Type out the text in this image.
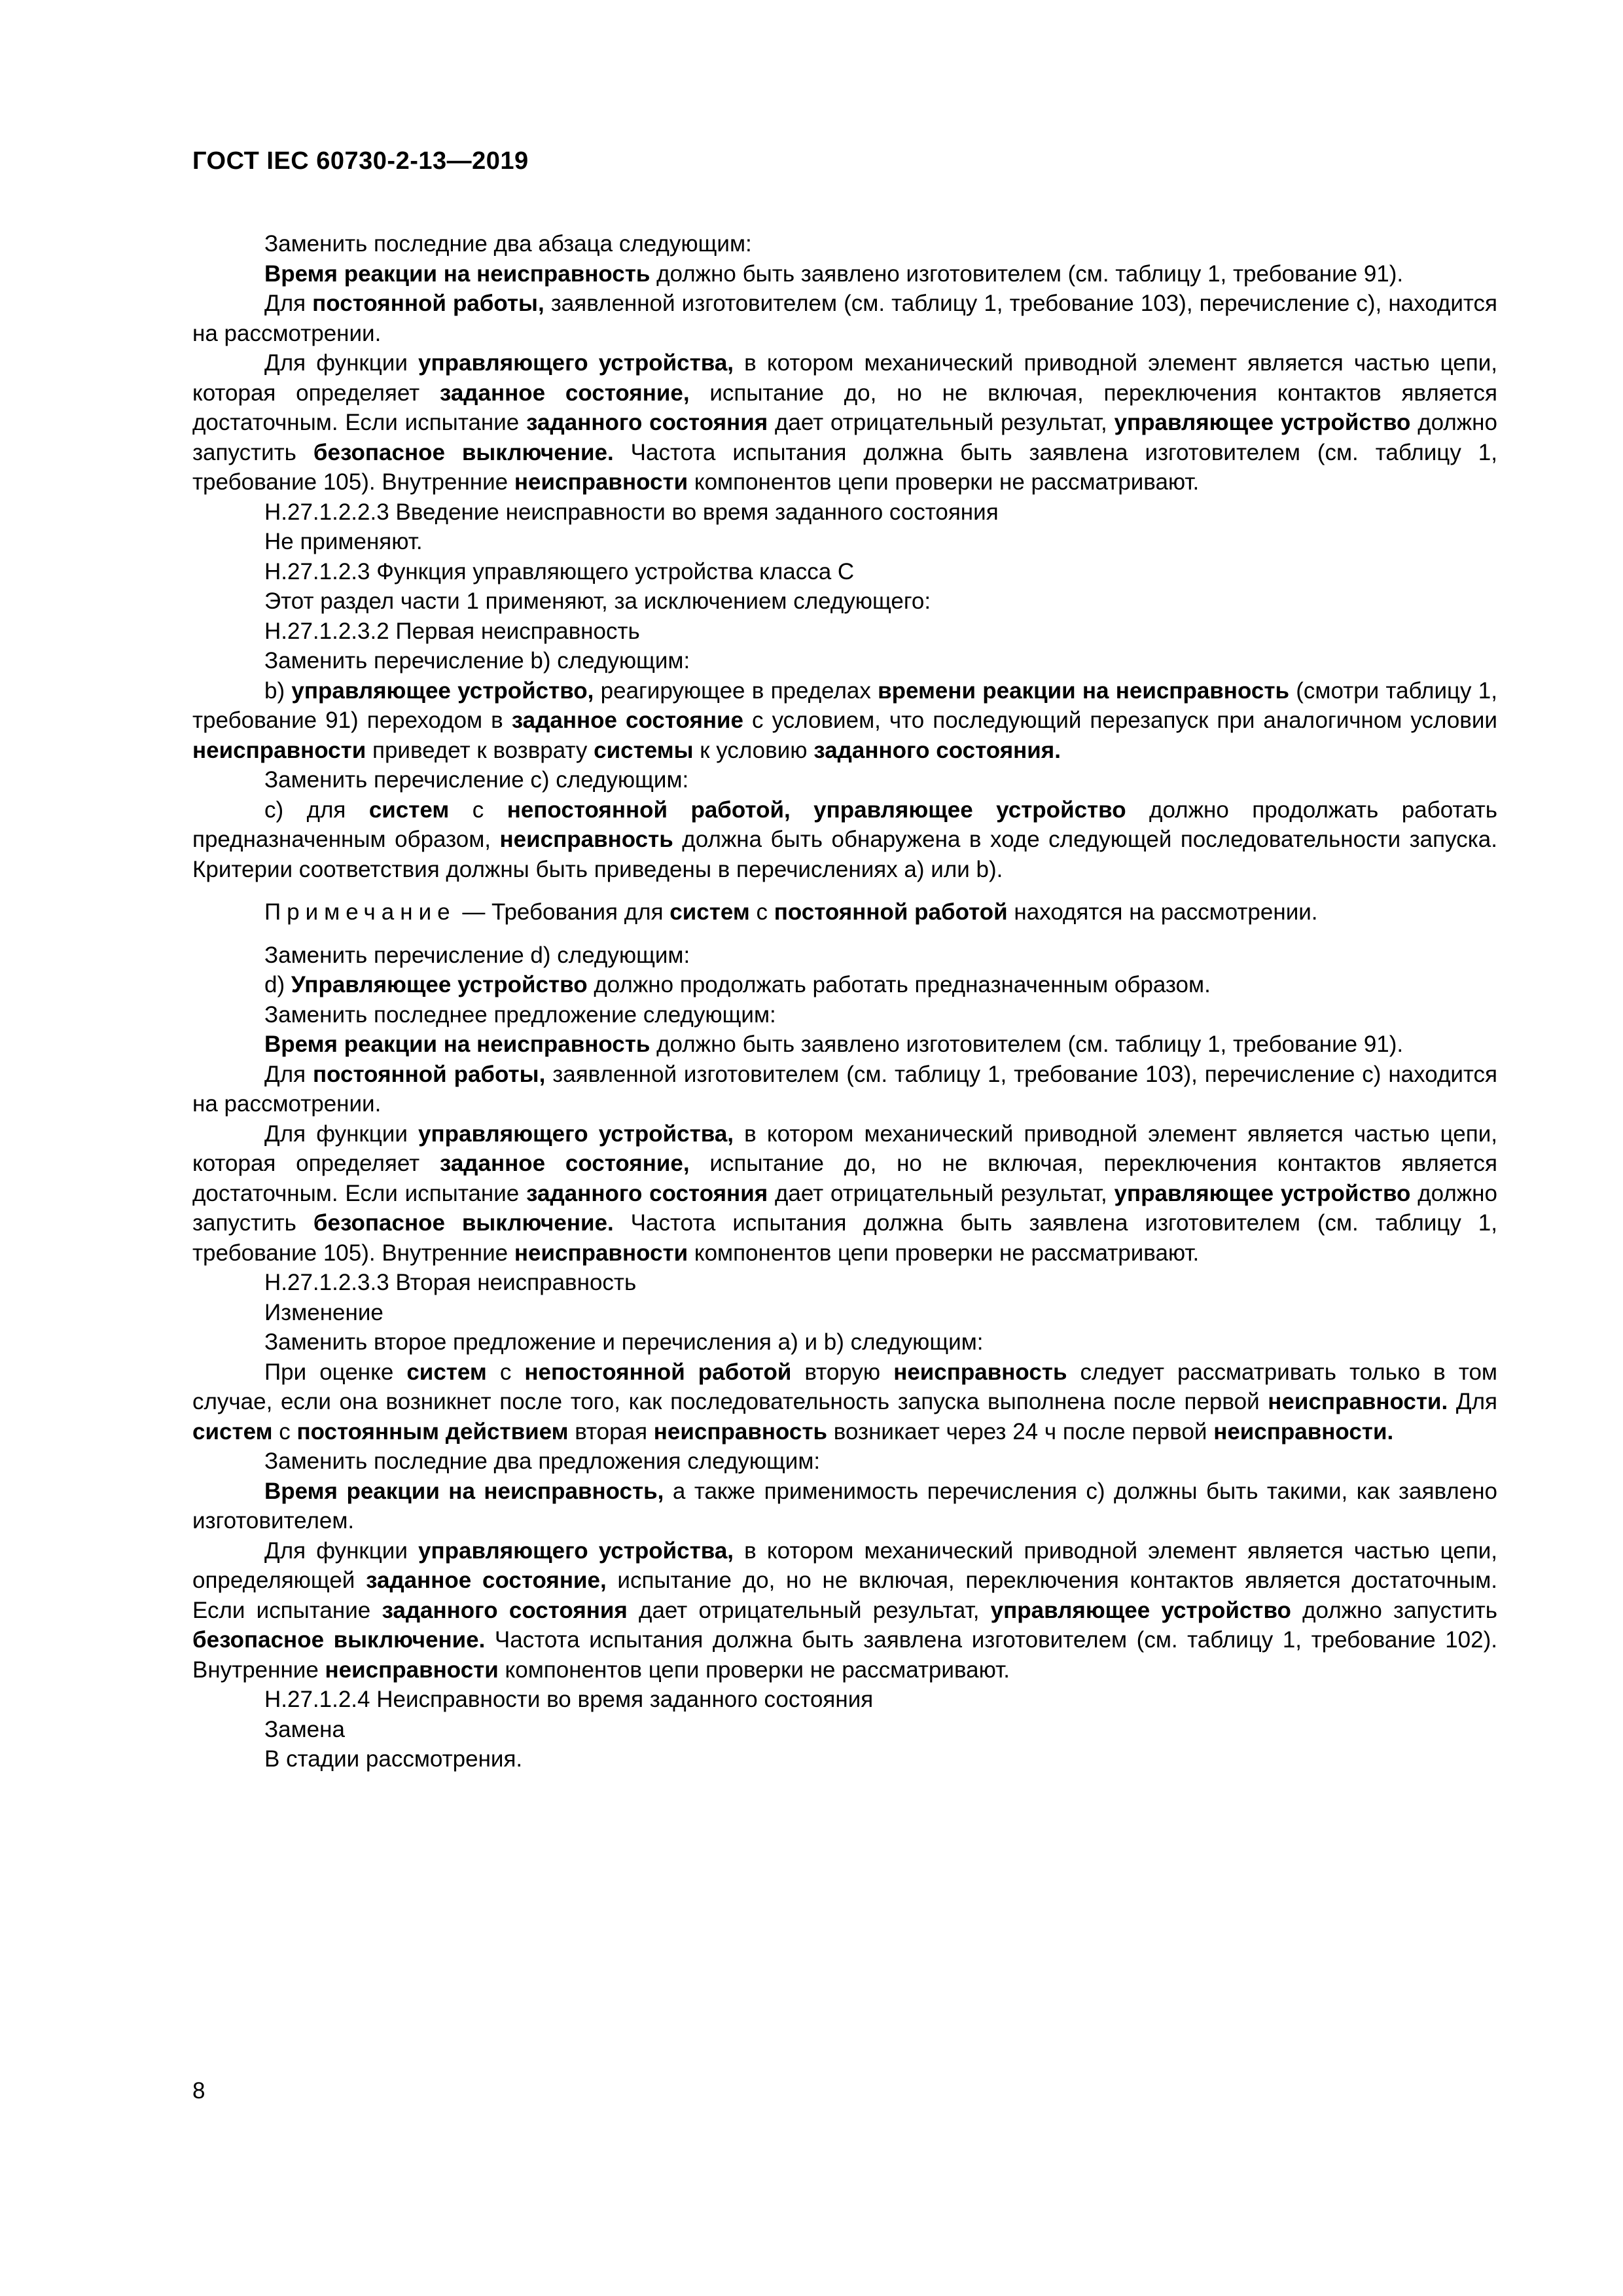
ГОСТ IEC 60730-2-13—2019

Заменить последние два абзаца следующим:

Время реакции на неисправность должно быть заявлено изготовителем (см. таблицу 1, требование 91).

Для постоянной работы, заявленной изготовителем (см. таблицу 1, требование 103), перечисление с), находится на рассмотрении.

Для функции управляющего устройства, в котором механический приводной элемент является частью цепи, которая определяет заданное состояние, испытание до, но не включая, переключения контактов является достаточным. Если испытание заданного состояния дает отрицательный результат, управляющее устройство должно запустить безопасное выключение. Частота испытания должна быть заявлена изготовителем (см. таблицу 1, требование 105). Внутренние неисправности компонентов цепи проверки не рассматривают.

H.27.1.2.2.3 Введение неисправности во время заданного состояния

Не применяют.

H.27.1.2.3 Функция управляющего устройства класса С

Этот раздел части 1 применяют, за исключением следующего:

H.27.1.2.3.2 Первая неисправность

Заменить перечисление b) следующим:

b) управляющее устройство, реагирующее в пределах времени реакции на неисправность (смотри таблицу 1, требование 91) переходом в заданное состояние с условием, что последующий перезапуск при аналогичном условии неисправности приведет к возврату системы к условию заданного состояния.

Заменить перечисление с) следующим:

с) для систем с непостоянной работой, управляющее устройство должно продолжать работать предназначенным образом, неисправность должна быть обнаружена в ходе следующей последовательности запуска. Критерии соответствия должны быть приведены в перечислениях а) или b).

Примечание — Требования для систем с постоянной работой находятся на рассмотрении.

Заменить перечисление d) следующим:

d) Управляющее устройство должно продолжать работать предназначенным образом.

Заменить последнее предложение следующим:

Время реакции на неисправность должно быть заявлено изготовителем (см. таблицу 1, требование 91).

Для постоянной работы, заявленной изготовителем (см. таблицу 1, требование 103), перечисление с) находится на рассмотрении.

Для функции управляющего устройства, в котором механический приводной элемент является частью цепи, которая определяет заданное состояние, испытание до, но не включая, переключения контактов является достаточным. Если испытание заданного состояния дает отрицательный результат, управляющее устройство должно запустить безопасное выключение. Частота испытания должна быть заявлена изготовителем (см. таблицу 1, требование 105). Внутренние неисправности компонентов цепи проверки не рассматривают.

H.27.1.2.3.3 Вторая неисправность

Изменение

Заменить второе предложение и перечисления а) и b) следующим:

При оценке систем с непостоянной работой вторую неисправность следует рассматривать только в том случае, если она возникнет после того, как последовательность запуска выполнена после первой неисправности. Для систем с постоянным действием вторая неисправность возникает через 24 ч после первой неисправности.

Заменить последние два предложения следующим:

Время реакции на неисправность, а также применимость перечисления с) должны быть такими, как заявлено изготовителем.

Для функции управляющего устройства, в котором механический приводной элемент является частью цепи, определяющей заданное состояние, испытание до, но не включая, переключения контактов является достаточным. Если испытание заданного состояния дает отрицательный результат, управляющее устройство должно запустить безопасное выключение. Частота испытания должна быть заявлена изготовителем (см. таблицу 1, требование 102). Внутренние неисправности компонентов цепи проверки не рассматривают.

H.27.1.2.4 Неисправности во время заданного состояния

Замена

В стадии рассмотрения.

8
